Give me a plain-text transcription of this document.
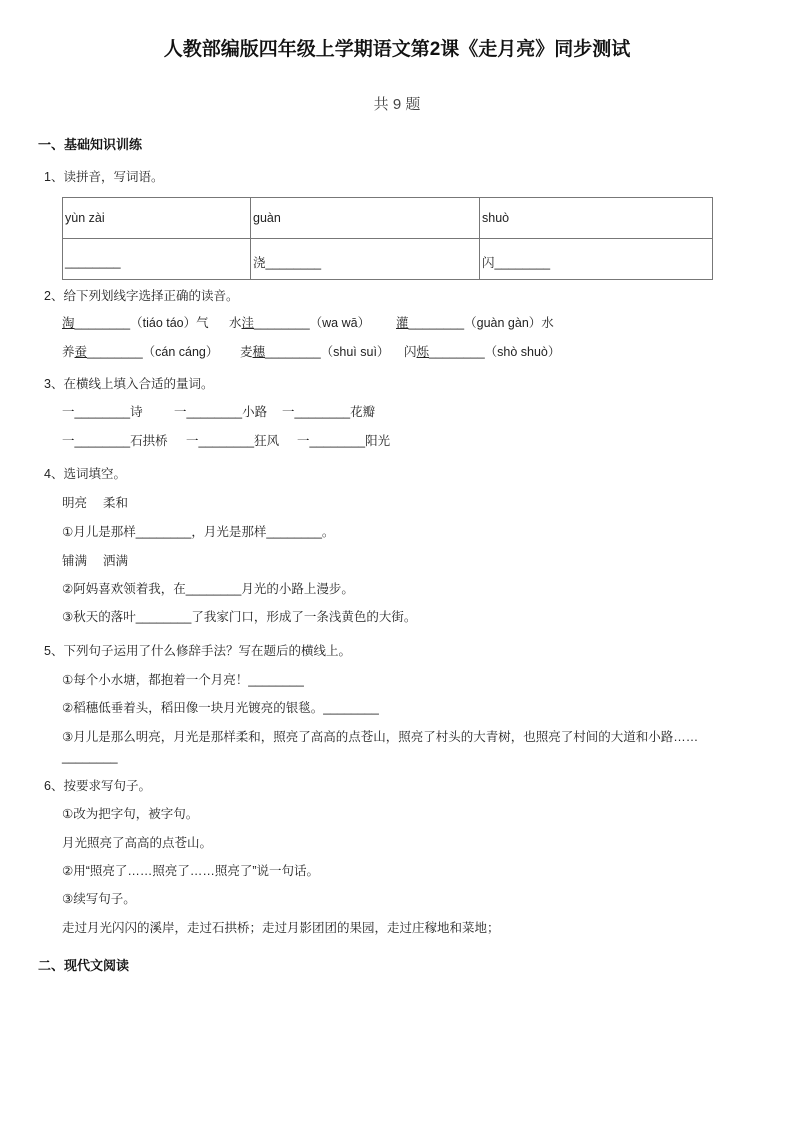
人教部编版四年级上学期语文第2课《走月亮》同步测试
共 9 题
一、基础知识训练
1、读拼音，写词语。
yùn zài	guàn	shuò
________	浇________	闪________
2、给下列划线字选择正确的读音。
淘________（tiáo táo）气 水洼________（wa wā） 灌________（guàn gàn）水
养蚕________（cán cáng） 麦穗________（shuì suì） 闪烁________（shò shuò）
3、在横线上填入合适的量词。
一________诗	一________小路 一________花瓣
一________石拱桥 一________狂风 一________阳光
4、选词填空。
明亮 柔和
①月儿是那样________，月光是那样________。
铺满 洒满
②阿妈喜欢领着我，在________月光的小路上漫步。
③秋天的落叶________了我家门口，形成了一条浅黄色的大街。
5、下列句子运用了什么修辞手法？写在题后的横线上。
①每个小水塘，都抱着一个月亮！________
②稻穗低垂着头，稻田像一块月光镀亮的银毯。________
③月儿是那么明亮，月光是那样柔和，照亮了高高的点苍山，照亮了村头的大青树，也照亮了村间的大道和小路……
________
6、按要求写句子。
①改为把字句，被字句。
月光照亮了高高的点苍山。
②用“照亮了……照亮了……照亮了”说一句话。
③续写句子。
走过月光闪闪的溪岸，走过石拱桥；走过月影团团的果园，走过庄稼地和菜地；
二、现代文阅读
